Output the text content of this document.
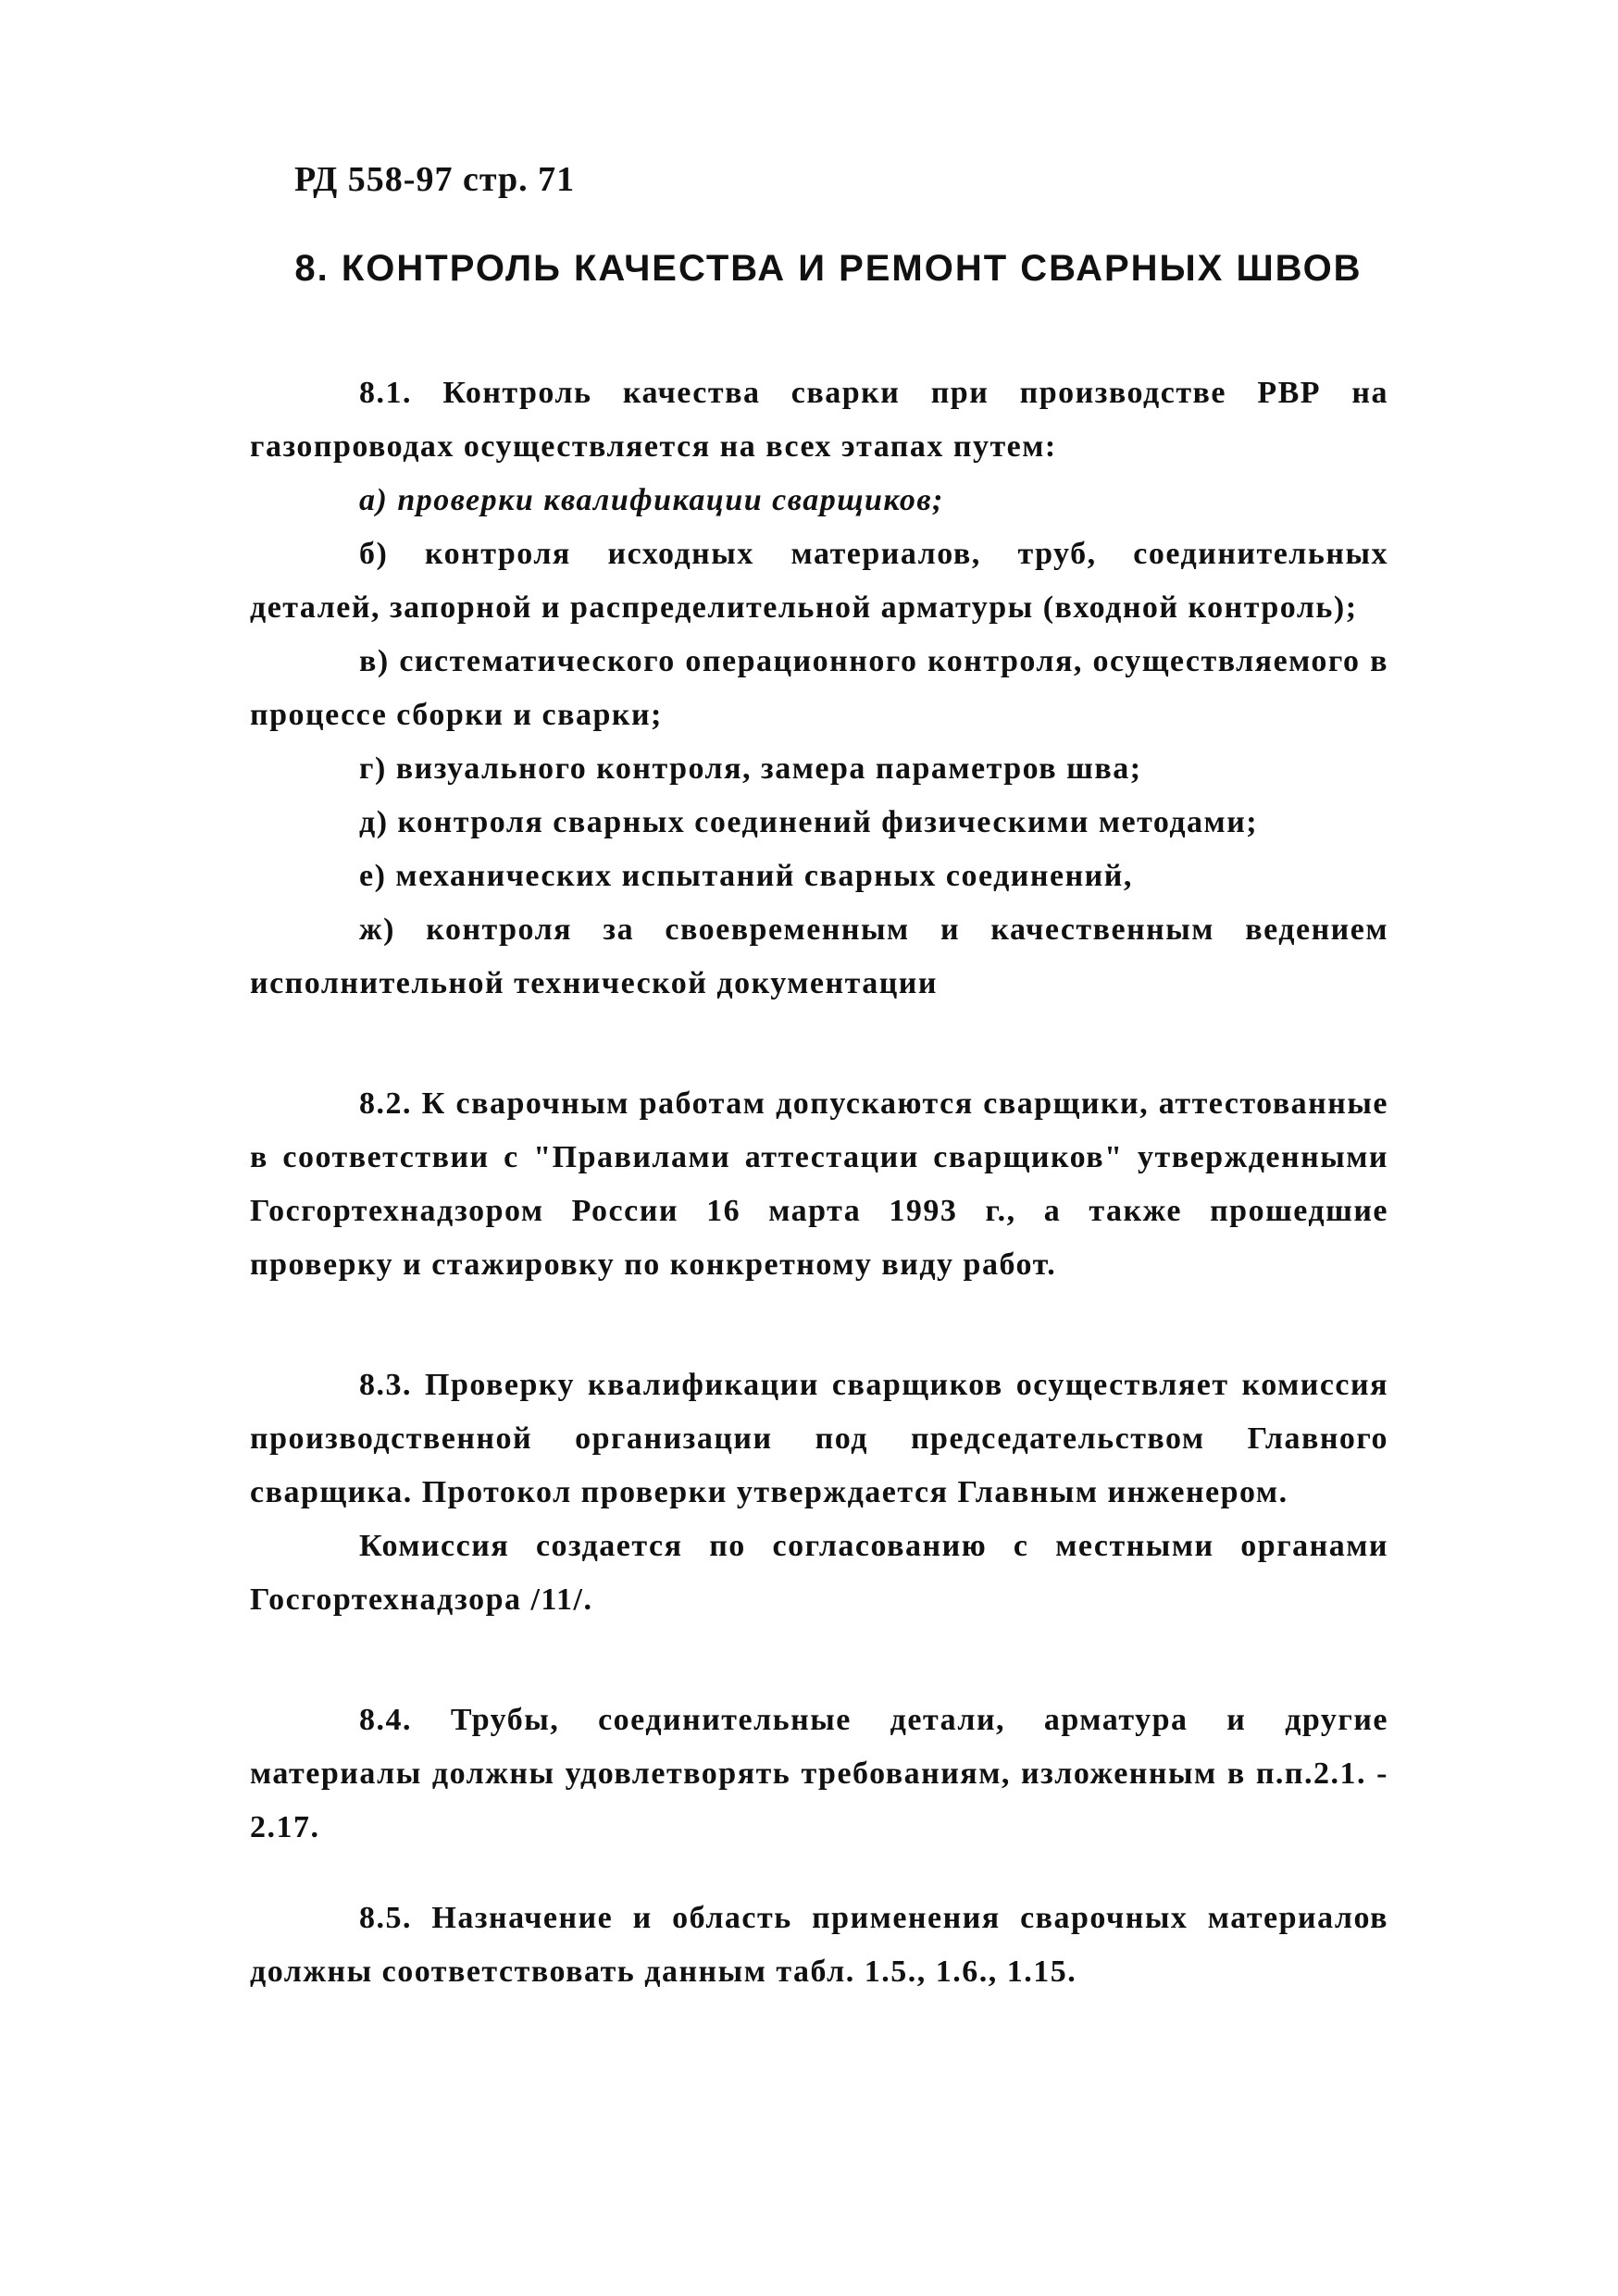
РД 558-97 стр. 71
8. КОНТРОЛЬ КАЧЕСТВА И РЕМОНТ СВАРНЫХ ШВОВ

8.1. Контроль качества сварки при производстве РВР на газопроводах осуществляется на всех этапах путем:

а) проверки квалификации сварщиков;

б) контроля исходных материалов, труб, соединительных деталей, запорной и распределительной арматуры (входной контроль);

в) систематического операционного контроля, осуществляемого в процессе сборки и сварки;

г) визуального контроля, замера параметров шва;

д) контроля сварных соединений физическими методами;

е) механических испытаний сварных соединений,

ж) контроля за своевременным и качественным ведением исполнительной технической документации

8.2. К сварочным работам допускаются сварщики, аттестованные в соответствии с "Правилами аттестации сварщиков" утвержденными Госгортехнадзором России 16 марта 1993 г., а также прошедшие проверку и стажировку по конкретному виду работ.

8.3. Проверку квалификации сварщиков осуществляет комиссия производственной организации под председательством Главного сварщика. Протокол проверки утверждается Главным инженером.

Комиссия создается по согласованию с местными органами Госгортехнадзора /11/.

8.4. Трубы, соединительные детали, арматура и другие материалы должны удовлетворять требованиям, изложенным в п.п.2.1. - 2.17.

8.5. Назначение и область применения сварочных материалов должны соответствовать данным табл. 1.5., 1.6., 1.15.
